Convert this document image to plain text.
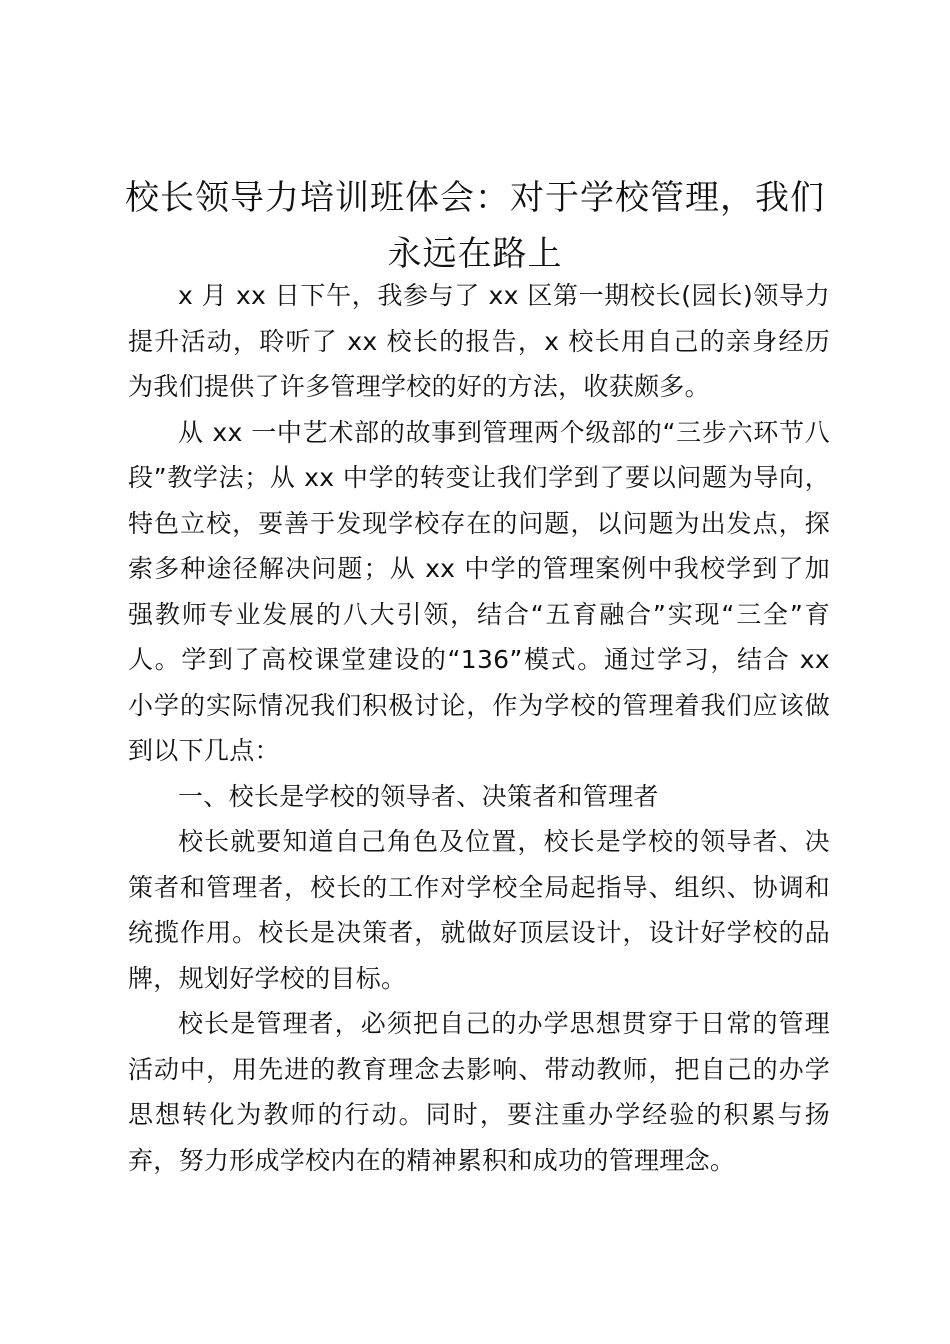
校长领导力培训班体会：对于学校管理，我们永远在路上

x 月 xx 日下午，我参与了 xx 区第一期校长(园长)领导力提升活动，聆听了 xx 校长的报告，x 校长用自己的亲身经历为我们提供了许多管理学校的好的方法，收获颇多。

从 xx 一中艺术部的故事到管理两个级部的“三步六环节八段”教学法；从 xx 中学的转变让我们学到了要以问题为导向，特色立校，要善于发现学校存在的问题，以问题为出发点，探索多种途径解决问题；从 xx 中学的管理案例中我校学到了加强教师专业发展的八大引领，结合“五育融合”实现“三全”育人。学到了高校课堂建设的“136”模式。通过学习，结合 xx 小学的实际情况我们积极讨论，作为学校的管理着我们应该做到以下几点：

一、校长是学校的领导者、决策者和管理者

校长就要知道自己角色及位置，校长是学校的领导者、决策者和管理者，校长的工作对学校全局起指导、组织、协调和统揽作用。校长是决策者，就做好顶层设计，设计好学校的品牌，规划好学校的目标。

校长是管理者，必须把自己的办学思想贯穿于日常的管理活动中，用先进的教育理念去影响、带动教师，把自己的办学思想转化为教师的行动。同时，要注重办学经验的积累与扬弃，努力形成学校内在的精神累积和成功的管理理念。
